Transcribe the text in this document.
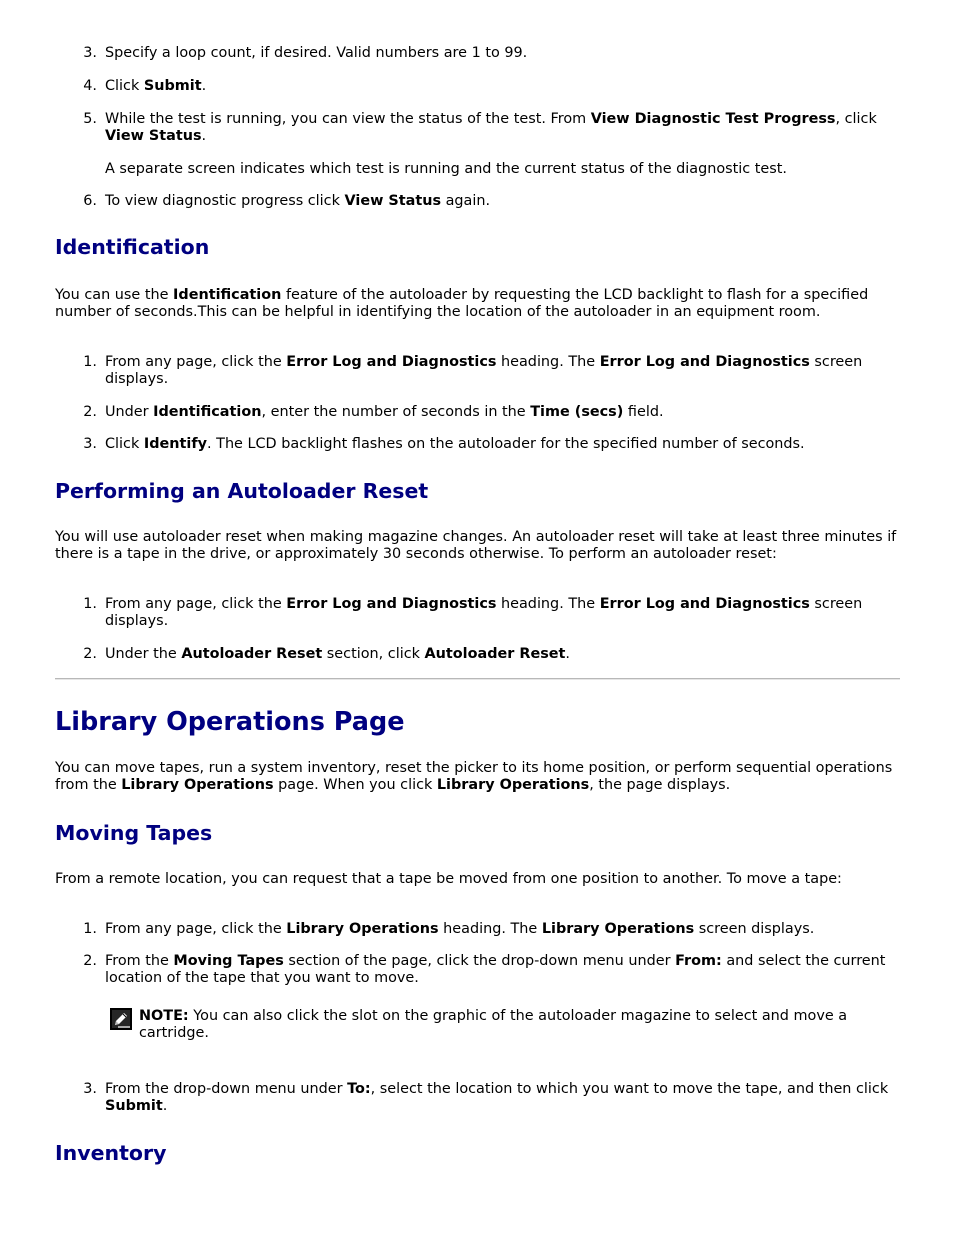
3. Specify a loop count, if desired. Valid numbers are 1 to 99.
4. Click Submit.
5. While the test is running, you can view the status of the test. From View Diagnostic Test Progress, click View Status.
A separate screen indicates which test is running and the current status of the diagnostic test.
6. To view diagnostic progress click View Status again.
Identification
You can use the Identification feature of the autoloader by requesting the LCD backlight to flash for a specified number of seconds.This can be helpful in identifying the location of the autoloader in an equipment room.
1. From any page, click the Error Log and Diagnostics heading. The Error Log and Diagnostics screen displays.
2. Under Identification, enter the number of seconds in the Time (secs) field.
3. Click Identify. The LCD backlight flashes on the autoloader for the specified number of seconds.
Performing an Autoloader Reset
You will use autoloader reset when making magazine changes. An autoloader reset will take at least three minutes if there is a tape in the drive, or approximately 30 seconds otherwise. To perform an autoloader reset:
1. From any page, click the Error Log and Diagnostics heading. The Error Log and Diagnostics screen displays.
2. Under the Autoloader Reset section, click Autoloader Reset.
Library Operations Page
You can move tapes, run a system inventory, reset the picker to its home position, or perform sequential operations from the Library Operations page. When you click Library Operations, the page displays.
Moving Tapes
From a remote location, you can request that a tape be moved from one position to another. To move a tape:
1. From any page, click the Library Operations heading. The Library Operations screen displays.
2. From the Moving Tapes section of the page, click the drop-down menu under From: and select the current location of the tape that you want to move.
NOTE: You can also click the slot on the graphic of the autoloader magazine to select and move a cartridge.
3. From the drop-down menu under To:, select the location to which you want to move the tape, and then click Submit.
Inventory
